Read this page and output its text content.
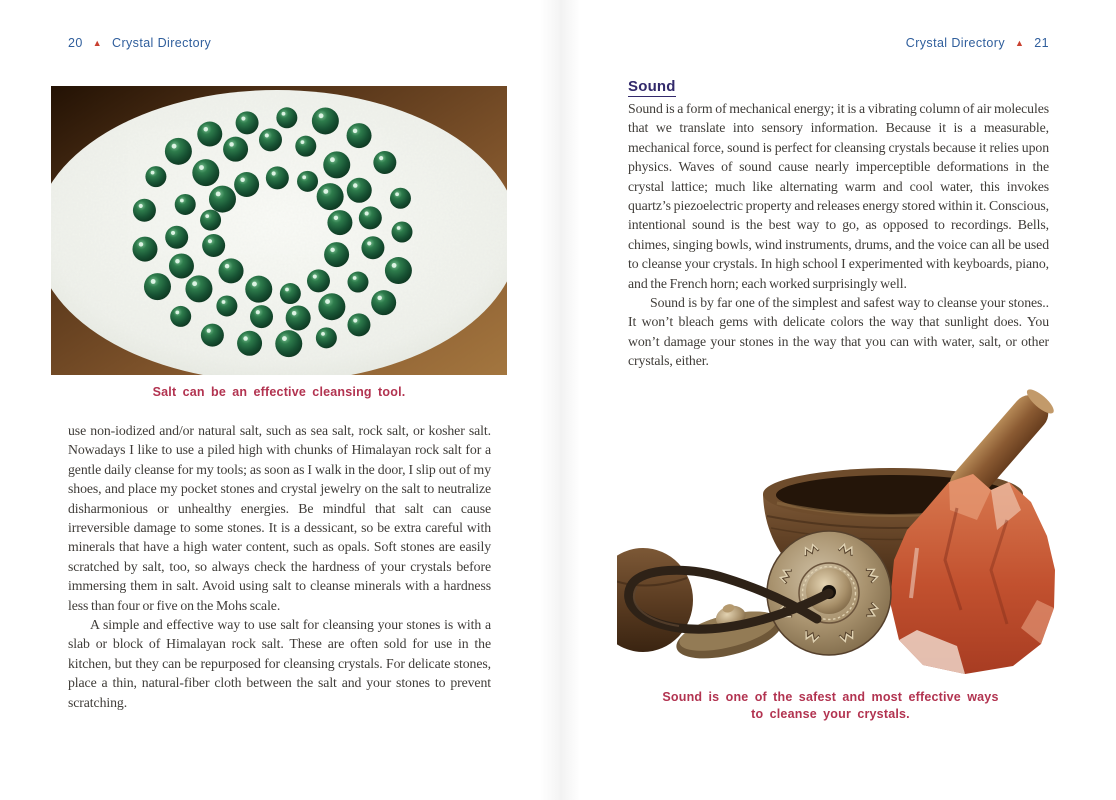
20 ▲ Crystal Directory
Salt can be an effective cleansing tool.

use non-iodized and/or natural salt, such as sea salt, rock salt, or kosher salt. Nowadays I like to use a piled high with chunks of Himalayan rock salt for a gentle daily cleanse for my tools; as soon as I walk in the door, I slip out of my shoes, and place my pocket stones and crystal jewelry on the salt to neutralize disharmonious or unhealthy energies. Be mindful that salt can cause irreversible damage to some stones. It is a dessicant, so be extra careful with minerals that have a high water content, such as opals. Soft stones are easily scratched by salt, too, so always check the hardness of your crystals before immersing them in salt. Avoid using salt to cleanse minerals with a hardness less than four or five on the Mohs scale.

A simple and effective way to use salt for cleansing your stones is with a slab or block of Himalayan rock salt. These are often sold for use in the kitchen, but they can be repurposed for cleansing crystals. For delicate stones, place a thin, natural-fiber cloth between the salt and your stones to prevent scratching.

Crystal Directory ▲ 21
Sound

Sound is a form of mechanical energy; it is a vibrating column of air molecules that we translate into sensory information. Because it is a measurable, mechanical force, sound is perfect for cleansing crystals because it relies upon physics. Waves of sound cause nearly imperceptible deformations in the crystal lattice; much like alternating warm and cool water, this invokes quartz’s piezoelectric property and releases energy stored within it. Conscious, intentional sound is the best way to go, as opposed to recordings. Bells, chimes, singing bowls, wind instruments, drums, and the voice can all be used to cleanse your crystals. In high school I experimented with keyboards, piano, and the French horn; each worked surprisingly well.

Sound is by far one of the simplest and safest way to cleanse your stones.. It won’t bleach gems with delicate colors the way that sunlight does. You won’t damage your stones in the way that you can with water, salt, or other crystals, either.

Sound is one of the safest and most effective ways
to cleanse your crystals.
